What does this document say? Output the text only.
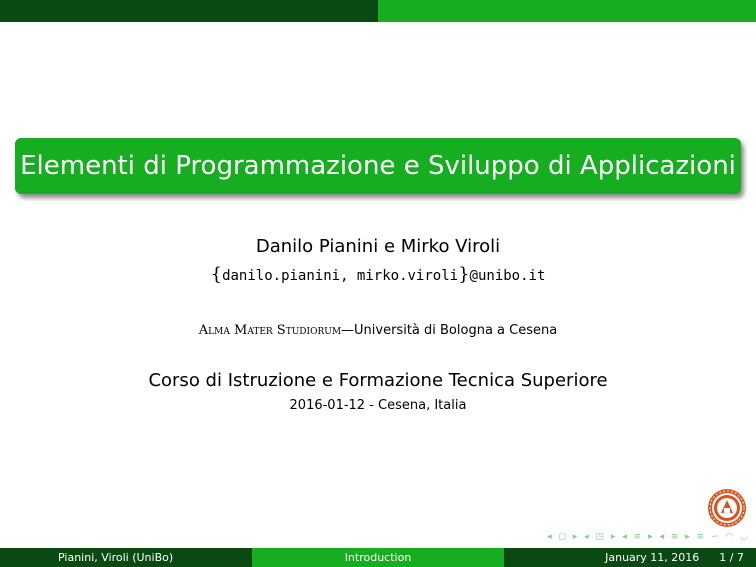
Elementi di Programmazione e Sviluppo di Applicazioni
Danilo Pianini e Mirko Viroli
{danilo.pianini, mirko.viroli}@unibo.it
Alma Mater Studiorum—Università di Bologna a Cesena
Corso di Istruzione e Formazione Tecnica Superiore
2016-01-12 - Cesena, Italia
◂ ◻ ▸ ◂ ◳ ▸ ◂ ≡ ▸ ◂ ≡ ▸ ≡ ∽ ◠ ◡
Pianini, Viroli (UniBo)	Introduction	January 11, 2016 1 / 7
